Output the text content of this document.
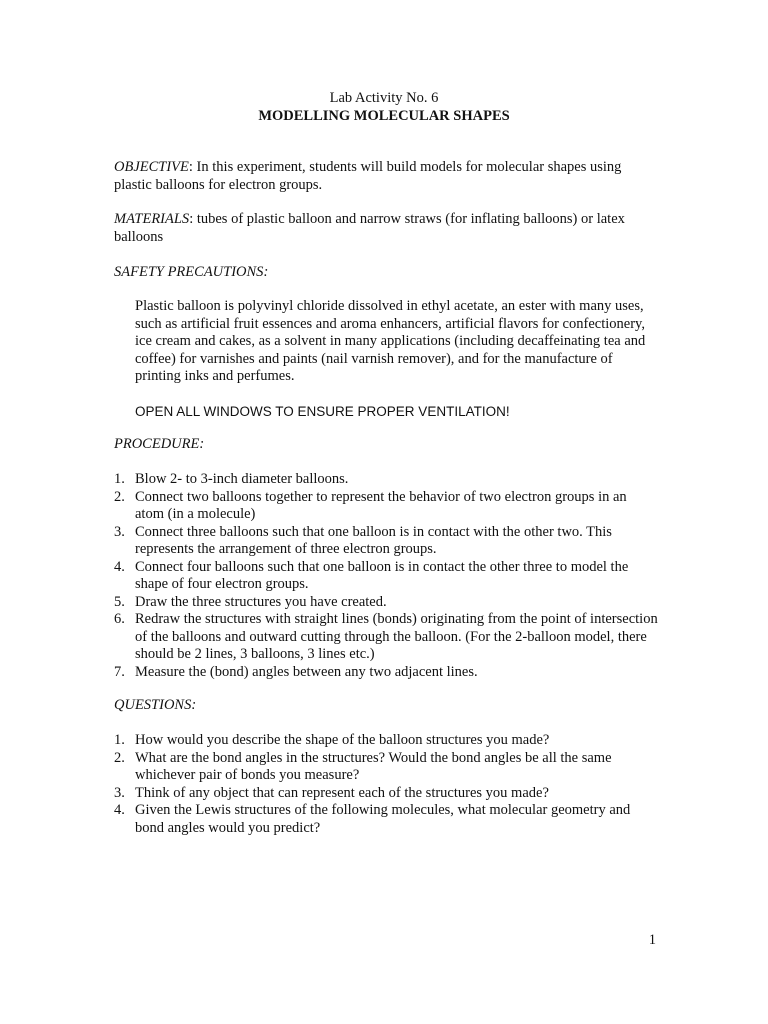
Lab Activity No. 6
MODELLING MOLECULAR SHAPES
OBJECTIVE: In this experiment, students will build models for molecular shapes using plastic balloons for electron groups.
MATERIALS: tubes of plastic balloon and narrow straws (for inflating balloons) or latex balloons
SAFETY PRECAUTIONS:
Plastic balloon is polyvinyl chloride dissolved in ethyl acetate, an ester with many uses, such as artificial fruit essences and aroma enhancers, artificial flavors for confectionery, ice cream and cakes, as a solvent in many applications (including decaffeinating tea and coffee) for varnishes and paints (nail varnish remover), and for the manufacture of printing inks and perfumes.
OPEN ALL WINDOWS TO ENSURE PROPER VENTILATION!
PROCEDURE:
1. Blow 2- to 3-inch diameter balloons.
2. Connect two balloons together to represent the behavior of two electron groups in an atom (in a molecule)
3. Connect three balloons such that one balloon is in contact with the other two. This represents the arrangement of three electron groups.
4. Connect four balloons such that one balloon is in contact the other three to model the shape of four electron groups.
5. Draw the three structures you have created.
6. Redraw the structures with straight lines (bonds) originating from the point of intersection of the balloons and outward cutting through the balloon. (For the 2-balloon model, there should be 2 lines, 3 balloons, 3 lines etc.)
7. Measure the (bond) angles between any two adjacent lines.
QUESTIONS:
1. How would you describe the shape of the balloon structures you made?
2. What are the bond angles in the structures? Would the bond angles be all the same whichever pair of bonds you measure?
3. Think of any object that can represent each of the structures you made?
4. Given the Lewis structures of the following molecules, what molecular geometry and bond angles would you predict?
1
